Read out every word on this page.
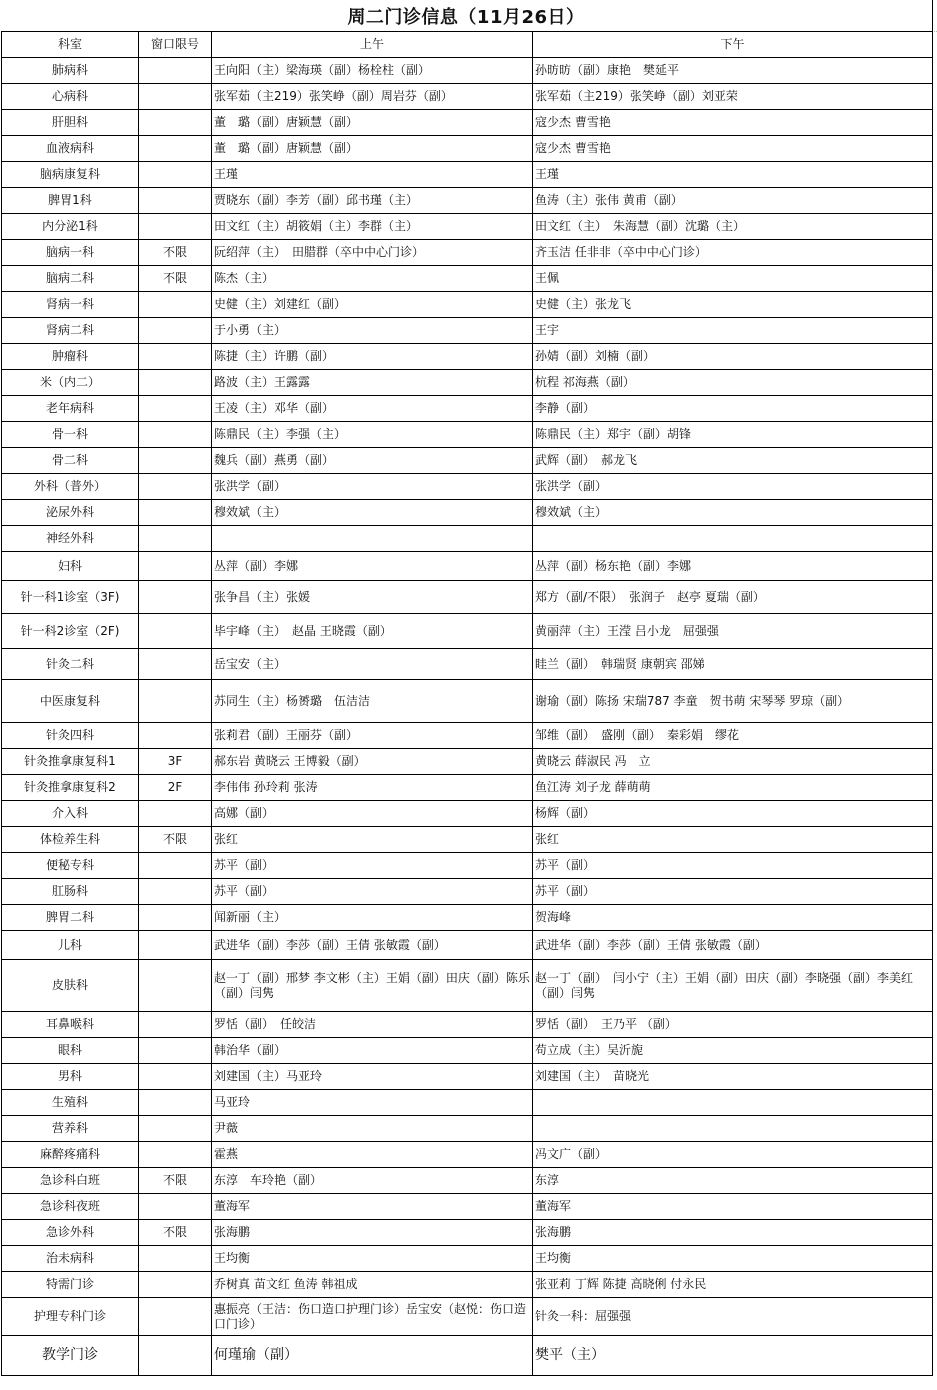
周二门诊信息（11月26日）
科室	窗口限号	上午	下午
肺病科		王向阳（主）梁海瑛（副）杨栓柱（副）	孙昉昉（副）康艳　樊延平
心病科		张军茹（主219）张笑峥（副）周岩芬（副）	张军茹（主219）张笑峥（副）刘亚荣
肝胆科		董　璐（副）唐颖慧（副）	寇少杰 曹雪艳
血液病科		董　璐（副）唐颖慧（副）	寇少杰 曹雪艳
脑病康复科		王瑾	王瑾
脾胃1科		贾晓东（副）李芳（副）邱书瑾（主）	鱼涛（主）张伟 黄甫（副）
内分泌1科		田文红（主）胡筱娟（主）李群（主）	田文红（主）　朱海慧（副）沈璐（主）
脑病一科	不限	阮绍萍（主）　田腊群（卒中中心门诊）	齐玉洁 任非非（卒中中心门诊）
脑病二科	不限	陈杰（主）	王佩
肾病一科		史健（主）刘建红（副）	史健（主）张龙飞
肾病二科		于小勇（主）	王宇
肿瘤科		陈捷（主）许鹏（副）	孙婧（副）刘楠（副）
米（内二）		路波（主）王露露	杭程 祁海燕（副）
老年病科		王凌（主）邓华（副）	李静（副）
骨一科		陈鼎民（主）李强（主）	陈鼎民（主）郑宇（副）胡锋
骨二科		魏兵（副）燕勇（副）	武辉（副）　郝龙飞
外科（普外）		张洪学（副）	张洪学（副）
泌尿外科		穆效斌（主）	穆效斌（主）
神经外科			
妇科		丛萍（副）李娜	丛萍（副）杨东艳（副）李娜
针一科1诊室（3F)		张争昌（主）张媛	郑方（副/不限）　张润子　赵亭 夏瑞（副）
针一科2诊室（2F)		毕宇峰（主）　赵晶 王晓霞（副）	黄丽萍（主）王滢 吕小龙　屈强强
针灸二科		岳宝安（主）	眭兰（副）　韩瑞贤 康朝宾 邵娣
中医康复科		苏同生（主）杨赟璐　伍洁洁	谢瑜（副）陈扬 宋瑞787 李童　贺书萌 宋琴琴 罗琼（副）
针灸四科		张莉君（副）王丽芬（副）	邹维（副）　盛刚（副）　秦彩娟　缪花
针灸推拿康复科1	3F	郝东岩 黄晓云 王博毅（副）	黄晓云 薛淑民 冯　立
针灸推拿康复科2	2F	李伟伟 孙玲莉 张涛	鱼江涛 刘子龙 薛萌萌
介入科		高娜（副）	杨辉（副）
体检养生科	不限	张红	张红
便秘专科		苏平（副）	苏平（副）
肛肠科		苏平（副）	苏平（副）
脾胃二科		闻新丽（主）	贺海峰
儿科		武进华（副）李莎（副）王倩 张敏霞（副）	武进华（副）李莎（副）王倩 张敏霞（副）
皮肤科		赵一丁（副）邢梦 李文彬（主）王娟（副）田庆（副）陈乐（副）闫隽	赵一丁（副）　闫小宁（主）王娟（副）田庆（副）李晓强（副）李美红（副）闫隽
耳鼻喉科		罗恬（副）　任皎洁	罗恬（副）　王乃平 （副）
眼科		韩治华（副）	苟立成（主）吴沂旎
男科		刘建国（主）马亚玲	刘建国（主）　苗晓光
生殖科		马亚玲	
营养科		尹薇	
麻醉疼痛科		霍燕	冯文广（副）
急诊科白班	不限	东淳　车玲艳（副）	东淳
急诊科夜班		董海军	董海军
急诊外科	不限	张海鹏	张海鹏
治未病科		王均衡	王均衡
特需门诊		乔树真 苗文红 鱼涛 韩祖成	张亚莉 丁辉 陈捷 高晓俐 付永民
护理专科门诊		惠振亮（王洁：伤口造口护理门诊）岳宝安（赵悦：伤口造口门诊）	针灸一科：屈强强
教学门诊		何瑾瑜（副）	樊平（主）
